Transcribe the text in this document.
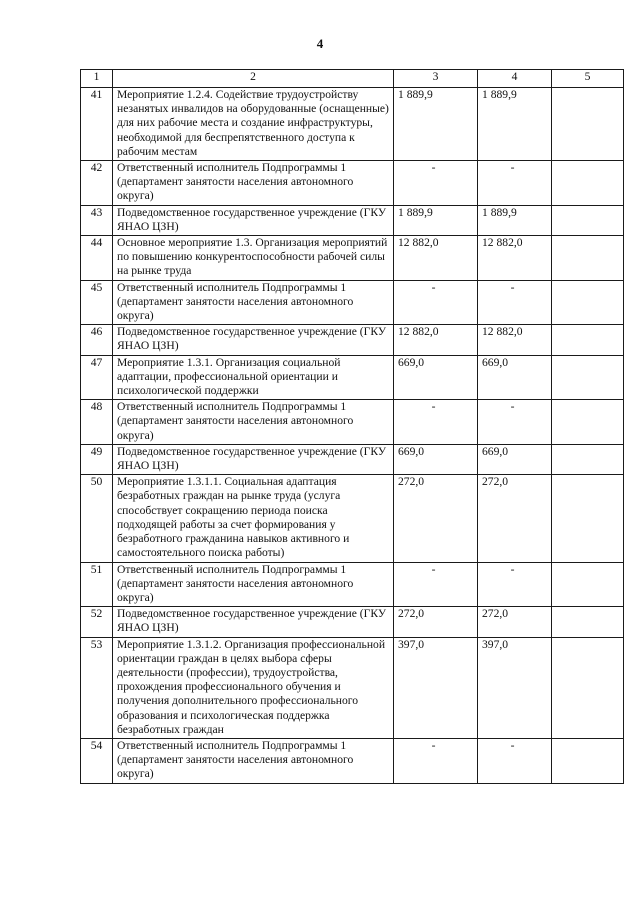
4
1	2	3	4	5
41	Мероприятие 1.2.4. Содействие трудоустройству незанятых инвалидов на оборудованные (оснащенные) для них рабочие места и создание инфраструктуры, необходимой для беспрепятственного доступа к рабочим местам	1 889,9	1 889,9	
42	Ответственный исполнитель Подпрограммы 1 (департамент занятости населения автономного округа)	-	-	
43	Подведомственное государственное учреждение (ГКУ ЯНАО ЦЗН)	1 889,9	1 889,9	
44	Основное мероприятие 1.3. Организация мероприятий по повышению конкурентоспособности рабочей силы на рынке труда	12 882,0	12 882,0	
45	Ответственный исполнитель Подпрограммы 1 (департамент занятости населения автономного округа)	-	-	
46	Подведомственное государственное учреждение (ГКУ ЯНАО ЦЗН)	12 882,0	12 882,0	
47	Мероприятие 1.3.1. Организация социальной адаптации, профессиональной ориентации и психологической поддержки	669,0	669,0	
48	Ответственный исполнитель Подпрограммы 1 (департамент занятости населения автономного округа)	-	-	
49	Подведомственное государственное учреждение (ГКУ ЯНАО ЦЗН)	669,0	669,0	
50	Мероприятие 1.3.1.1. Социальная адаптация безработных граждан на рынке труда (услуга способствует сокращению периода поиска подходящей работы за счет формирования у безработного гражданина навыков активного и самостоятельного поиска работы)	272,0	272,0	
51	Ответственный исполнитель Подпрограммы 1 (департамент занятости населения автономного округа)	-	-	
52	Подведомственное государственное учреждение (ГКУ ЯНАО ЦЗН)	272,0	272,0	
53	Мероприятие 1.3.1.2. Организация профессиональной ориентации граждан в целях выбора сферы деятельности (профессии), трудоустройства, прохождения профессионального обучения и получения дополнительного профессионального образования и психологическая поддержка безработных граждан	397,0	397,0	
54	Ответственный исполнитель Подпрограммы 1 (департамент занятости населения автономного округа)	-	-	
